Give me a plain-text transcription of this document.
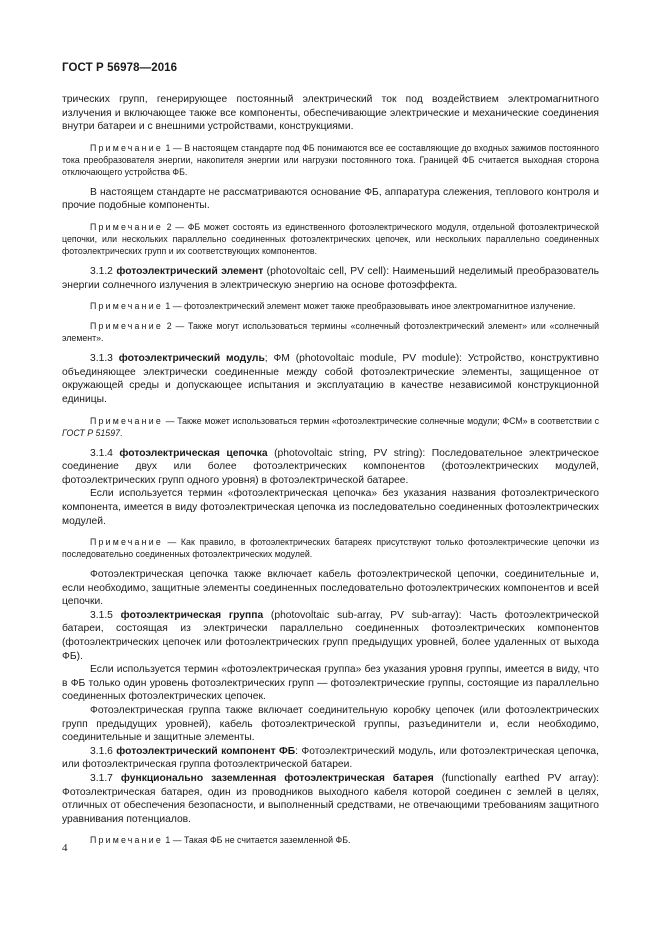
ГОСТ Р 56978—2016

трических групп, генерирующее постоянный электрический ток под воздействием электромагнитного излучения и включающее также все компоненты, обеспечивающие электрические и механические соединения внутри батареи и с внешними устройствами, конструкциями.

Примечание 1 — В настоящем стандарте под ФБ понимаются все ее составляющие до входных зажимов постоянного тока преобразователя энергии, накопителя энергии или нагрузки постоянного тока. Границей ФБ считается выходная сторона отключающего устройства ФБ.

В настоящем стандарте не рассматриваются основание ФБ, аппаратура слежения, теплового контроля и прочие подобные компоненты.

Примечание 2 — ФБ может состоять из единственного фотоэлектрического модуля, отдельной фотоэлектрической цепочки, или нескольких параллельно соединенных фотоэлектрических цепочек, или нескольких параллельно соединенных фотоэлектрических групп и их соответствующих компонентов.

3.1.2 фотоэлектрический элемент (photovoltaic cell, PV cell): Наименьший неделимый преобразователь энергии солнечного излучения в электрическую энергию на основе фотоэффекта.

Примечание 1 — фотоэлектрический элемент может также преобразовывать иное электромагнитное излучение.

Примечание 2 — Также могут использоваться термины «солнечный фотоэлектрический элемент» или «солнечный элемент».

3.1.3 фотоэлектрический модуль; ФМ (photovoltaic module, PV module): Устройство, конструктивно объединяющее электрически соединенные между собой фотоэлектрические элементы, защищенное от окружающей среды и допускающее испытания и эксплуатацию в качестве независимой конструкционной единицы.

Примечание — Также может использоваться термин «фотоэлектрические солнечные модули; ФСМ» в соответствии с ГОСТ Р 51597.

3.1.4 фотоэлектрическая цепочка (photovoltaic string, PV string): Последовательное электрическое соединение двух или более фотоэлектрических компонентов (фотоэлектрических модулей, фотоэлектрических групп одного уровня) в фотоэлектрической батарее.

Если используется термин «фотоэлектрическая цепочка» без указания названия фотоэлектрического компонента, имеется в виду фотоэлектрическая цепочка из последовательно соединенных фотоэлектрических модулей.

Примечание — Как правило, в фотоэлектрических батареях присутствуют только фотоэлектрические цепочки из последовательно соединенных фотоэлектрических модулей.

Фотоэлектрическая цепочка также включает кабель фотоэлектрической цепочки, соединительные и, если необходимо, защитные элементы соединенных последовательно фотоэлектрических компонентов и всей цепочки.

3.1.5 фотоэлектрическая группа (photovoltaic sub-array, PV sub-array): Часть фотоэлектрической батареи, состоящая из электрически параллельно соединенных фотоэлектрических компонентов (фотоэлектрических цепочек или фотоэлектрических групп предыдущих уровней, более удаленных от выхода ФБ).

Если используется термин «фотоэлектрическая группа» без указания уровня группы, имеется в виду, что в ФБ только один уровень фотоэлектрических групп — фотоэлектрические группы, состоящие из параллельно соединенных фотоэлектрических цепочек.

Фотоэлектрическая группа также включает соединительную коробку цепочек (или фотоэлектрических групп предыдущих уровней), кабель фотоэлектрической группы, разъединители и, если необходимо, соединительные и защитные элементы.

3.1.6 фотоэлектрический компонент ФБ: Фотоэлектрический модуль, или фотоэлектрическая цепочка, или фотоэлектрическая группа фотоэлектрической батареи.

3.1.7 функционально заземленная фотоэлектрическая батарея (functionally earthed PV array): Фотоэлектрическая батарея, один из проводников выходного кабеля которой соединен с землей в целях, отличных от обеспечения безопасности, и выполненный средствами, не отвечающими требованиям защитного уравнивания потенциалов.

Примечание 1 — Такая ФБ не считается заземленной ФБ.

4
